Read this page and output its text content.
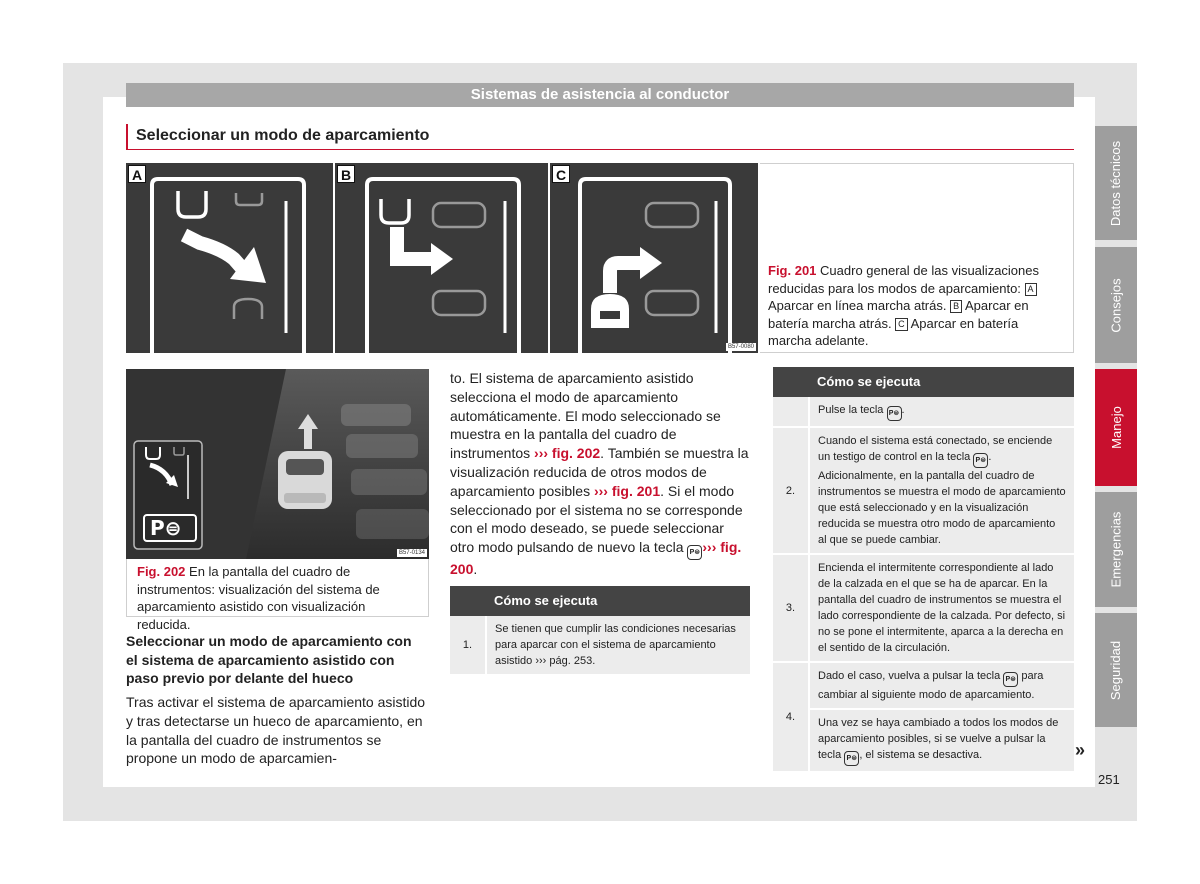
Sistemas de asistencia al conductor
Seleccionar un modo de aparcamiento
Datos técnicos
Consejos
Manejo
Emergencias
Seguridad
A	B	C
B57-0080
Fig. 201 Cuadro general de las visualizaciones reducidas para los modos de aparcamiento: A Aparcar en línea marcha atrás. B Aparcar en batería marcha atrás. C Aparcar en batería marcha adelante.
P⊜
B57-0134
Fig. 202 En la pantalla del cuadro de instrumentos: visualización del sistema de aparcamiento asistido con visualización reducida.
Seleccionar un modo de aparcamiento con el sistema de aparcamiento asistido con paso previo por delante del hueco
Tras activar el sistema de aparcamiento asistido y tras detectarse un hueco de aparcamiento, en la pantalla del cuadro de instrumentos se propone un modo de aparcamien-
to. El sistema de aparcamiento asistido selecciona el modo de aparcamiento automáticamente. El modo seleccionado se muestra en la pantalla del cuadro de instrumentos ››› fig. 202. También se muestra la visualización reducida de otros modos de aparcamiento posibles ››› fig. 201. Si el modo seleccionado por el sistema no se corresponde con el modo deseado, se puede seleccionar otro modo pulsando de nuevo la tecla P⊜ ››› fig. 200.
	Cómo se ejecuta
1.	Se tienen que cumplir las condiciones necesarias para aparcar con el sistema de aparcamiento asistido ››› pág. 253.
	Cómo se ejecuta
	Pulse la tecla P⊜ .
2.	Cuando el sistema está conectado, se enciende un testigo de control en la tecla P⊜ . Adicionalmente, en la pantalla del cuadro de instrumentos se muestra el modo de aparcamiento que está seleccionado y en la visualización reducida se muestra otro modo de aparcamiento al que se puede cambiar.
3.	Encienda el intermitente correspondiente al lado de la calzada en el que se ha de aparcar. En la pantalla del cuadro de instrumentos se muestra el lado correspondiente de la calzada. Por defecto, si no se pone el intermitente, aparca a la derecha en el sentido de la circulación.
4.	Dado el caso, vuelva a pulsar la tecla P⊜ para cambiar al siguiente modo de aparcamiento.
	Una vez se haya cambiado a todos los modos de aparcamiento posibles, si se vuelve a pulsar la tecla P⊜ , el sistema se desactiva.	»
251
